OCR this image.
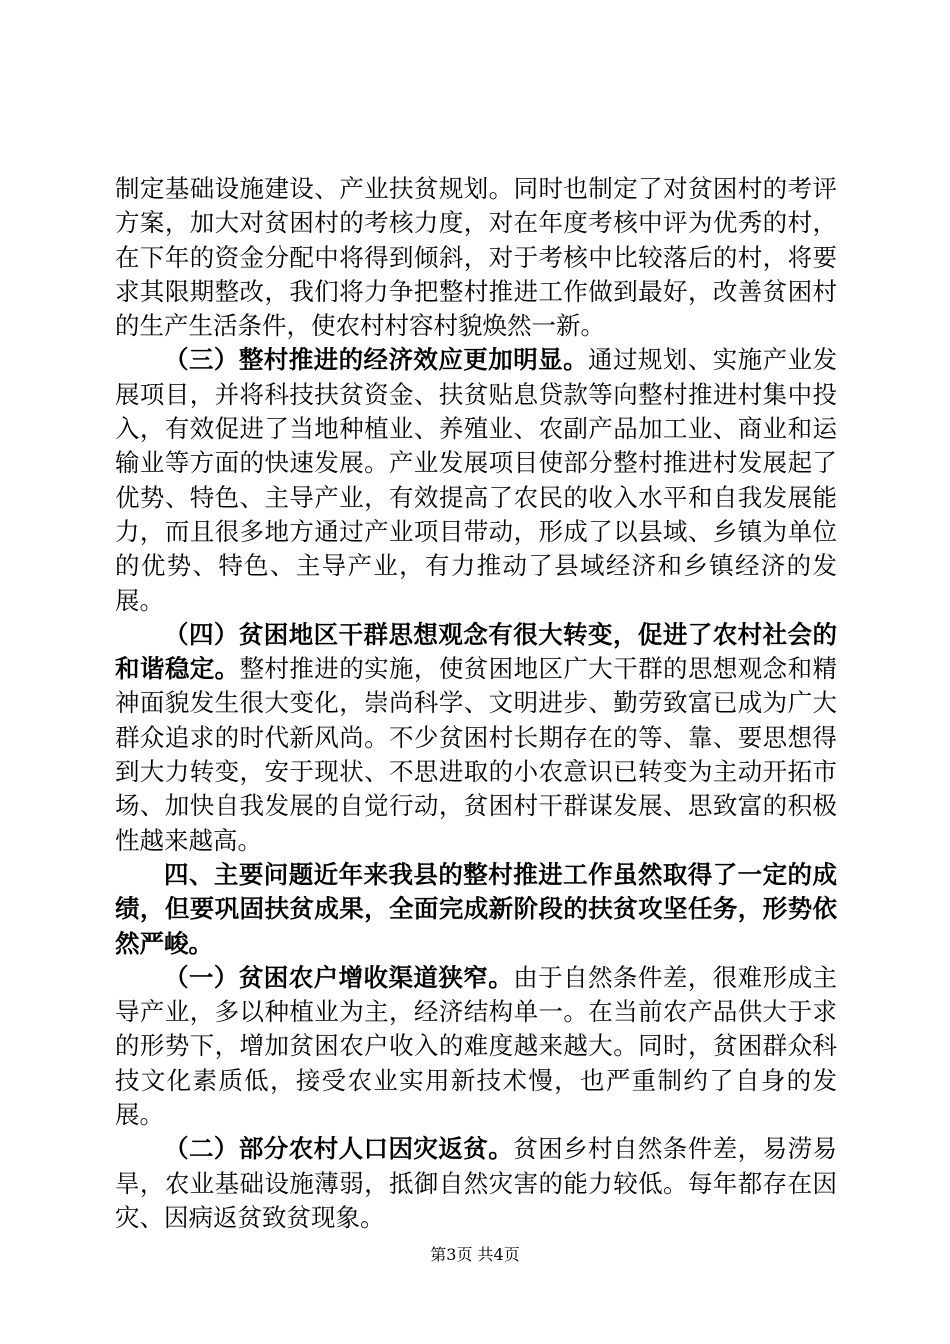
制定基础设施建设、产业扶贫规划。同时也制定了对贫困村的考评方案，加大对贫困村的考核力度，对在年度考核中评为优秀的村，在下年的资金分配中将得到倾斜，对于考核中比较落后的村，将要求其限期整改，我们将力争把整村推进工作做到最好，改善贫困村的生产生活条件，使农村村容村貌焕然一新。

（三）整村推进的经济效应更加明显。通过规划、实施产业发展项目，并将科技扶贫资金、扶贫贴息贷款等向整村推进村集中投入，有效促进了当地种植业、养殖业、农副产品加工业、商业和运输业等方面的快速发展。产业发展项目使部分整村推进村发展起了优势、特色、主导产业，有效提高了农民的收入水平和自我发展能力，而且很多地方通过产业项目带动，形成了以县域、乡镇为单位的优势、特色、主导产业，有力推动了县域经济和乡镇经济的发展。

（四）贫困地区干群思想观念有很大转变，促进了农村社会的和谐稳定。整村推进的实施，使贫困地区广大干群的思想观念和精神面貌发生很大变化，崇尚科学、文明进步、勤劳致富已成为广大群众追求的时代新风尚。不少贫困村长期存在的等、靠、要思想得到大力转变，安于现状、不思进取的小农意识已转变为主动开拓市场、加快自我发展的自觉行动，贫困村干群谋发展、思致富的积极性越来越高。

四、主要问题近年来我县的整村推进工作虽然取得了一定的成绩，但要巩固扶贫成果，全面完成新阶段的扶贫攻坚任务，形势依然严峻。

（一）贫困农户增收渠道狭窄。由于自然条件差，很难形成主导产业，多以种植业为主，经济结构单一。在当前农产品供大于求的形势下，增加贫困农户收入的难度越来越大。同时，贫困群众科技文化素质低，接受农业实用新技术慢，也严重制约了自身的发展。

（二）部分农村人口因灾返贫。贫困乡村自然条件差，易涝易旱，农业基础设施薄弱，抵御自然灾害的能力较低。每年都存在因灾、因病返贫致贫现象。

第3页 共4页
